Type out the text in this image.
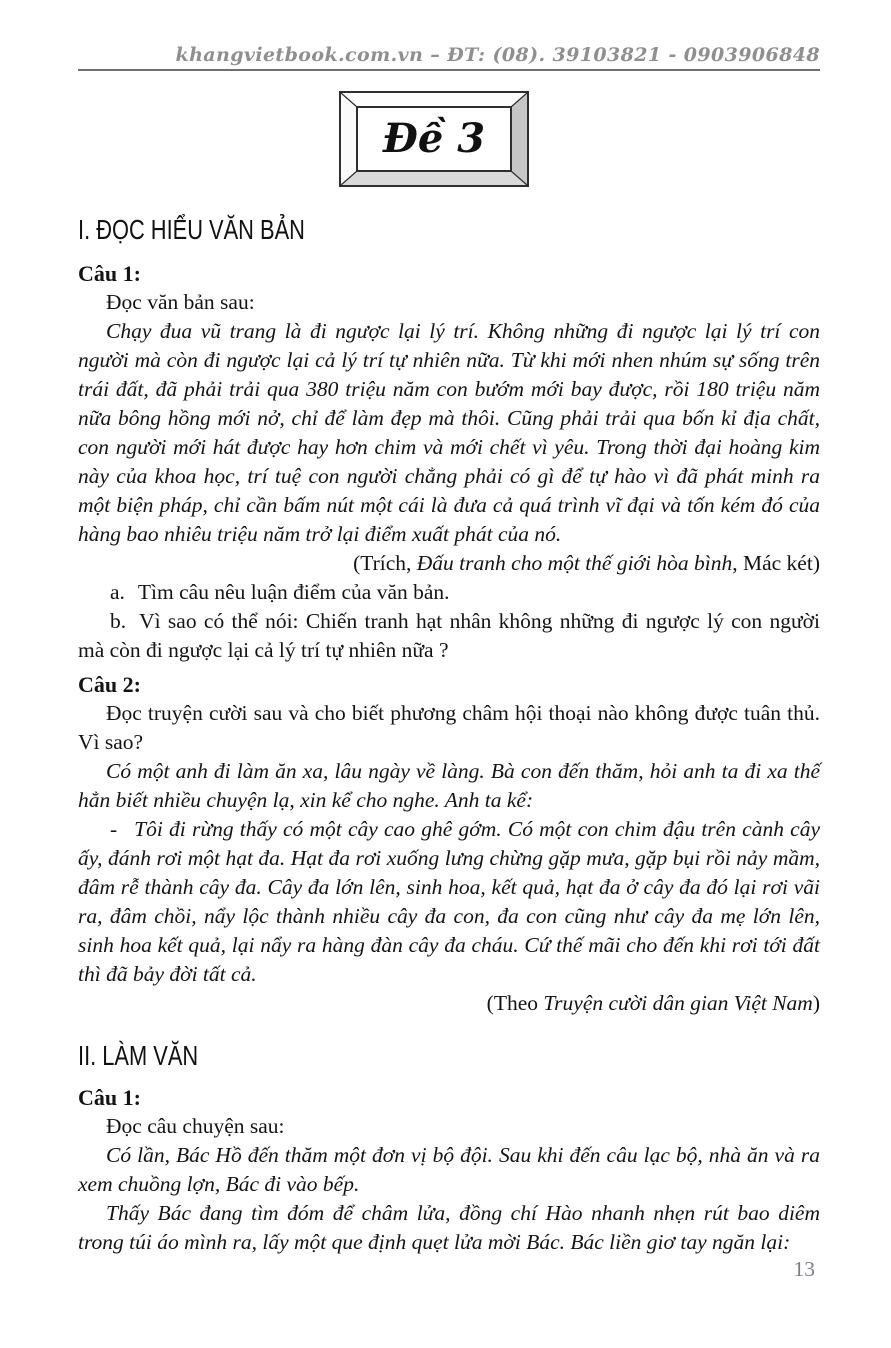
khangvietbook.com.vn – ĐT: (08). 39103821 - 0903906848
Đề 3
I. ĐỌC HIỂU VĂN BẢN

Câu 1:

Đọc văn bản sau:

Chạy đua vũ trang là đi ngược lại lý trí. Không những đi ngược lại lý trí con người mà còn đi ngược lại cả lý trí tự nhiên nữa. Từ khi mới nhen nhúm sự sống trên trái đất, đã phải trải qua 380 triệu năm con bướm mới bay được, rồi 180 triệu năm nữa bông hồng mới nở, chỉ để làm đẹp mà thôi. Cũng phải trải qua bốn kỉ địa chất, con người mới hát được hay hơn chim và mới chết vì yêu. Trong thời đại hoàng kim này của khoa học, trí tuệ con người chẳng phải có gì để tự hào vì đã phát minh ra một biện pháp, chỉ cần bấm nút một cái là đưa cả quá trình vĩ đại và tốn kém đó của hàng bao nhiêu triệu năm trở lại điểm xuất phát của nó.

(Trích, Đấu tranh cho một thế giới hòa bình, Mác két)

a. Tìm câu nêu luận điểm của văn bản.

b. Vì sao có thể nói: Chiến tranh hạt nhân không những đi ngược lý con người mà còn đi ngược lại cả lý trí tự nhiên nữa ?

Câu 2:

Đọc truyện cười sau và cho biết phương châm hội thoại nào không được tuân thủ. Vì sao?

Có một anh đi làm ăn xa, lâu ngày về làng. Bà con đến thăm, hỏi anh ta đi xa thế hẳn biết nhiều chuyện lạ, xin kể cho nghe. Anh ta kể:

- Tôi đi rừng thấy có một cây cao ghê gớm. Có một con chim đậu trên cành cây ấy, đánh rơi một hạt đa. Hạt đa rơi xuống lưng chừng gặp mưa, gặp bụi rồi nảy mầm, đâm rễ thành cây đa. Cây đa lớn lên, sinh hoa, kết quả, hạt đa ở cây đa đó lại rơi vãi ra, đâm chồi, nẩy lộc thành nhiều cây đa con, đa con cũng như cây đa mẹ lớn lên, sinh hoa kết quả, lại nẩy ra hàng đàn cây đa cháu. Cứ thế mãi cho đến khi rơi tới đất thì đã bảy đời tất cả.

(Theo Truyện cười dân gian Việt Nam)

II. LÀM VĂN

Câu 1:

Đọc câu chuyện sau:

Có lần, Bác Hồ đến thăm một đơn vị bộ đội. Sau khi đến câu lạc bộ, nhà ăn và ra xem chuồng lợn, Bác đi vào bếp.

Thấy Bác đang tìm đóm để châm lửa, đồng chí Hào nhanh nhẹn rút bao diêm trong túi áo mình ra, lấy một que định quẹt lửa mời Bác. Bác liền giơ tay ngăn lại:

13
